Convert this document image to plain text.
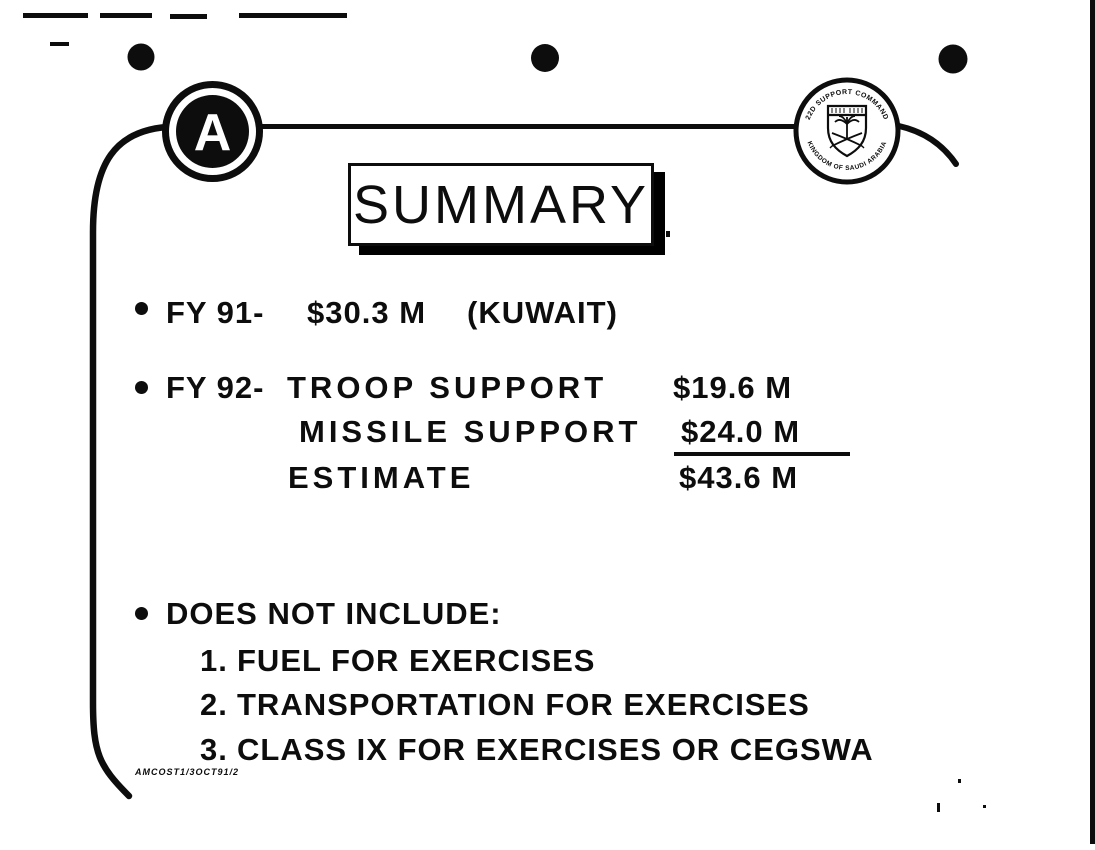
A	22D SUPPORT COMMAND
KINGDOM OF SAUDI ARABIA
SUMMARY
FY 91- $30.3 M (KUWAIT)
FY 92- TROOP SUPPORT $19.6 M
MISSILE SUPPORT $24.0 M
ESTIMATE	$43.6 M
DOES NOT INCLUDE:
1. FUEL FOR EXERCISES
2. TRANSPORTATION FOR EXERCISES
3. CLASS IX FOR EXERCISES OR CEGSWA
AMCOST1/3OCT91/2
